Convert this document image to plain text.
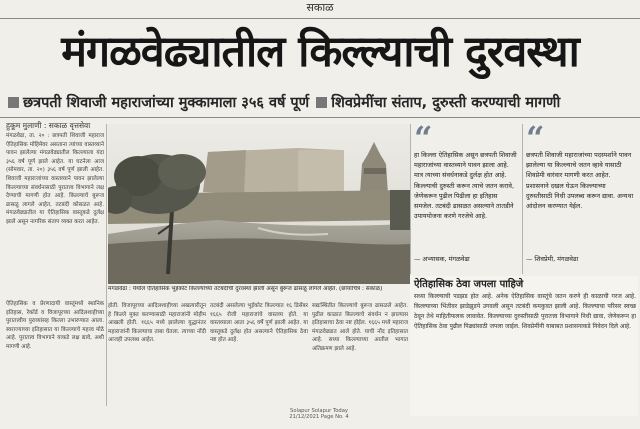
सकाळ
मंगळवेढ्यातील किल्ल्याची दुरवस्था
छत्रपती शिवाजी महाराजांच्या मुक्कामाला ३५६ वर्ष पूर्ण शिवप्रेमींचा संताप, दुरुस्ती करण्याची मागणी
हुकूम मुलाणी : सकाळ वृत्तसेवा
मंगळवेढा, ता. २० : छत्रपती शिवाजी महाराज ऐतिहासिक मोहिमेवर असताना त्यांच्या वास्तव्याने पावन झालेल्या मंगळवेढ्यातील किल्ल्याला यंदा ३५६ वर्ष पूर्ण झाले आहेत. या घटनेला आज (सोमवार, ता. २०) ३५६ वर्ष पूर्ण झाली आहेत. शिवाजी महाराजांच्या वास्तव्याने पावन झालेल्या किल्ल्याच्या संवर्धनासाठी पुरातत्त्व विभागाने लक्ष देण्याची मागणी होत आहे. किल्ल्याचे बुरूज ढासळू लागले आहेत, तटबंदी कोसळत आहे. मंगळवेढ्यातील या ऐतिहासिक वास्तूकडे दुर्लक्ष झाले असून नागरिक संताप व्यक्त करत आहेत.
ऐतिहासिक व प्रेरणादायी वास्तूंमध्ये स्थानिक इतिहास, रेकॉर्ड व विजापूरच्या आदिलशाहीच्या पुरातत्त्वीय पुराव्यांसह किल्ला उभारण्यात आला. स्वराज्याच्या इतिहासात या किल्ल्याचे महत्त्व मोठे आहे. पुरातत्त्व विभागाने याकडे लक्ष द्यावे, अशी मागणी आहे.
मंगळवेढा : येथील ऐतिहासिक भुईकोट किल्ल्याच्या तटबंदीची दुरवस्था झाली असून बुरूज ढासळू लागले आहेत. (छायाचित्र : सकाळ)
होती. विजापूरच्या आदिलशाहीच्या अखत्यारीतून हे किल्ले मुक्त करण्यासाठी महाराजांनी मोहीम आखली होती. १६६५ मध्ये झालेल्या युद्धानंतर महाराजांनी किल्ल्याचा ताबा घेतला. त्याच्या नोंदी आजही उपलब्ध आहेत.
तटबंदी असलेल्या भुईकोट किल्ल्यात १६ डिसेंबर १६६५ रोजी महाराजांचे वास्तव्य होते. या वास्तव्याला आता ३५६ वर्षे पूर्ण झाली आहेत. या वास्तूकडे दुर्लक्ष होत असल्याने ऐतिहासिक ठेवा नष्ट होत आहे.
सद्यःस्थितीत किल्ल्याचे बुरूज ढासळले आहेत. पुढील काळात किल्ल्याचे संवर्धन न झाल्यास इतिहासाचा ठेवा नष्ट होईल. १६६५ मध्ये महाराज मंगळवेढ्यात आले होते. याची नोंद इतिहासात आहे. सध्या किल्ल्याच्या आतील भागात अतिक्रमण झाले आहे.
“
हा किल्ला ऐतिहासिक असून छत्रपती शिवाजी महाराजांच्या वास्तव्याने पावन झाला आहे. मात्र त्याच्या संवर्धनाकडे दुर्लक्ष होत आहे. किल्ल्याची दुरुस्ती करून त्याचे जतन करावे, जेणेकरून पुढील पिढीला हा इतिहास समजेल. तटबंदी ढासळत असल्याने तातडीने उपाययोजना करणे गरजेचे आहे.
— अभ्यासक, मंगळवेढा
“
छत्रपती शिवाजी महाराजांच्या पदस्पर्शाने पावन झालेल्या या किल्ल्याचे जतन व्हावे यासाठी शिवप्रेमी वारंवार मागणी करत आहेत. प्रशासनाने दखल घेऊन किल्ल्याच्या दुरुस्तीसाठी निधी उपलब्ध करून द्यावा. अन्यथा आंदोलन करण्यात येईल.
— शिवप्रेमी, मंगळवेढा
ऐतिहासिक ठेवा जपला पाहिजे
सध्या किल्ल्याची पडझड होत आहे. अनेक ऐतिहासिक वास्तूंचे जतन करणे ही काळाची गरज आहे. किल्ल्याच्या भिंतीवर झाडेझुडपे उगवली असून तटबंदी कमकुवत झाली आहे. किल्ल्याचा परिसर स्वच्छ ठेवून तेथे माहितीफलक लावावेत. किल्ल्याच्या दुरुस्तीसाठी पुरातत्त्व विभागाने निधी द्यावा, जेणेकरून हा ऐतिहासिक ठेवा पुढील पिढ्यांसाठी जपला जाईल. शिवप्रेमींनी याबाबत प्रशासनाकडे निवेदन दिले आहे.
Solapur Solapur Today
21/12/2021 Page No. 4
